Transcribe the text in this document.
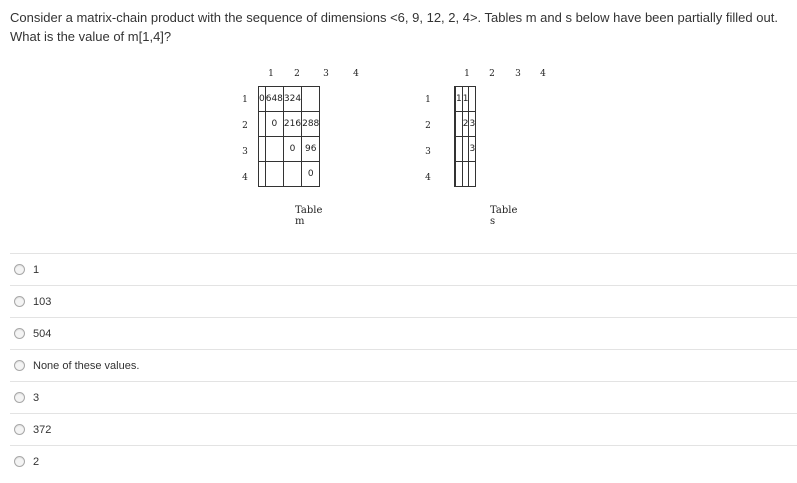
Consider a matrix-chain product with the sequence of dimensions <6, 9, 12, 2, 4>. Tables m and s below have been partially filled out. What is the value of m[1,4]?
1	2	3	4
1
2
3
4
0	648	324	
	0	216	288
		0	96
			0
Table m
1	2	3	4
1
2
3
4
	1	1	
		2	3
			3

Table s
1
103
504
None of these values.
3
372
2
